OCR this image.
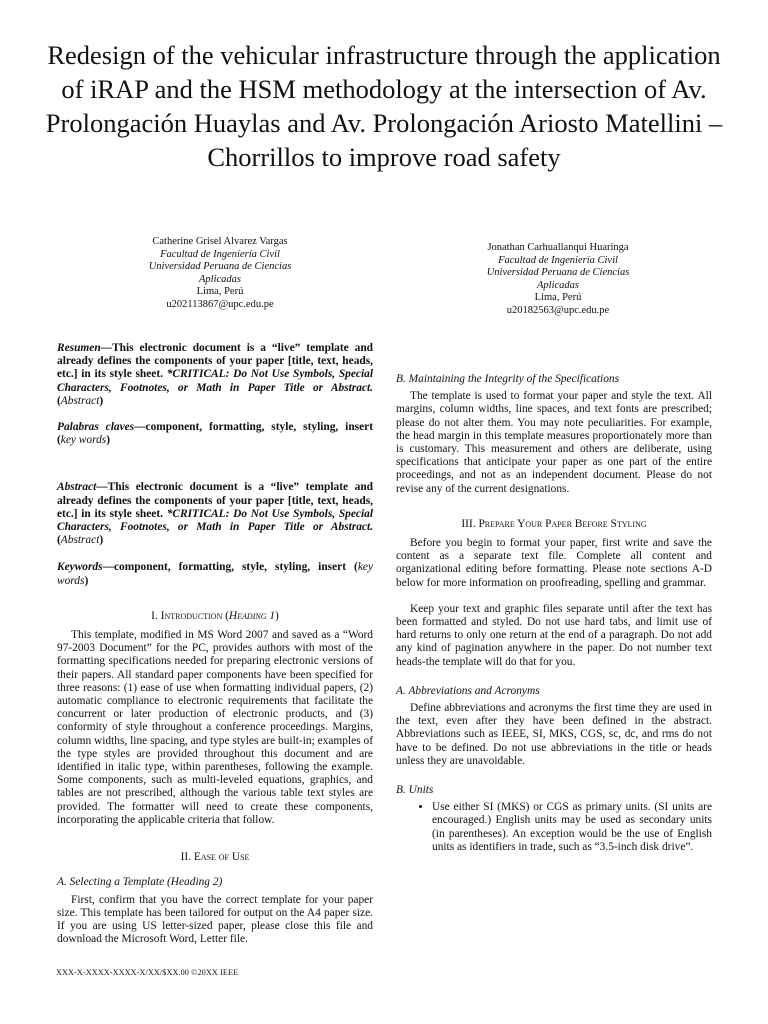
Redesign of the vehicular infrastructure through the application of iRAP and the HSM methodology at the intersection of Av. Prolongación Huaylas and Av. Prolongación Ariosto Matellini – Chorrillos to improve road safety
Catherine Grisel Alvarez Vargas
Facultad de Ingeniería Civil
Universidad Peruana de Ciencias
Aplicadas
Lima, Perú
u202113867@upc.edu.pe
Jonathan Carhuallanqui Huaringa
Facultad de Ingeniería Civil
Universidad Peruana de Ciencias
Aplicadas
Lima, Perú
u20182563@upc.edu.pe

Resumen—This electronic document is a “live” template and already defines the components of your paper [title, text, heads, etc.] in its style sheet. *CRITICAL: Do Not Use Symbols, Special Characters, Footnotes, or Math in Paper Title or Abstract. (Abstract)

Palabras claves—component, formatting, style, styling, insert (key words)

Abstract—This electronic document is a “live” template and already defines the components of your paper [title, text, heads, etc.] in its style sheet. *CRITICAL: Do Not Use Symbols, Special Characters, Footnotes, or Math in Paper Title or Abstract. (Abstract)

Keywords—component, formatting, style, styling, insert (key words)

I. Introduction (Heading 1)

This template, modified in MS Word 2007 and saved as a “Word 97-2003 Document” for the PC, provides authors with most of the formatting specifications needed for preparing electronic versions of their papers. All standard paper components have been specified for three reasons: (1) ease of use when formatting individual papers, (2) automatic compliance to electronic requirements that facilitate the concurrent or later production of electronic products, and (3) conformity of style throughout a conference proceedings. Margins, column widths, line spacing, and type styles are built-in; examples of the type styles are provided throughout this document and are identified in italic type, within parentheses, following the example. Some components, such as multi-leveled equations, graphics, and tables are not prescribed, although the various table text styles are provided. The formatter will need to create these components, incorporating the applicable criteria that follow.

II. Ease of Use

A. Selecting a Template (Heading 2)

First, confirm that you have the correct template for your paper size. This template has been tailored for output on the A4 paper size. If you are using US letter-sized paper, please close this file and download the Microsoft Word, Letter file.

B. Maintaining the Integrity of the Specifications

The template is used to format your paper and style the text. All margins, column widths, line spaces, and text fonts are prescribed; please do not alter them. You may note peculiarities. For example, the head margin in this template measures proportionately more than is customary. This measurement and others are deliberate, using specifications that anticipate your paper as one part of the entire proceedings, and not as an independent document. Please do not revise any of the current designations.

III. Prepare Your Paper Before Styling

Before you begin to format your paper, first write and save the content as a separate text file. Complete all content and organizational editing before formatting. Please note sections A-D below for more information on proofreading, spelling and grammar.

Keep your text and graphic files separate until after the text has been formatted and styled. Do not use hard tabs, and limit use of hard returns to only one return at the end of a paragraph. Do not add any kind of pagination anywhere in the paper. Do not number text heads-the template will do that for you.

A. Abbreviations and Acronyms

Define abbreviations and acronyms the first time they are used in the text, even after they have been defined in the abstract. Abbreviations such as IEEE, SI, MKS, CGS, sc, dc, and rms do not have to be defined. Do not use abbreviations in the title or heads unless they are unavoidable.

B. Units

• Use either SI (MKS) or CGS as primary units. (SI units are encouraged.) English units may be used as secondary units (in parentheses). An exception would be the use of English units as identifiers in trade, such as “3.5-inch disk drive”.
XXX-X-XXXX-XXXX-X/XX/$XX.00 ©20XX IEEE
